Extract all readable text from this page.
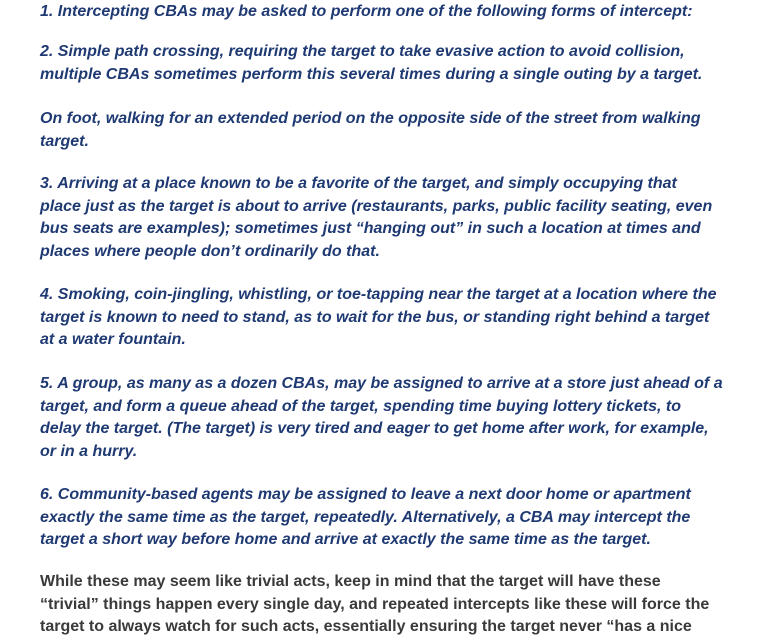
1. Intercepting CBAs may be asked to perform one of the following forms of intercept:

2. Simple path crossing, requiring the target to take evasive action to avoid collision,
multiple CBAs sometimes perform this several times during a single outing by a target.

On foot, walking for an extended period on the opposite side of the street from walking
target.

3. Arriving at a place known to be a favorite of the target, and simply occupying that
place just as the target is about to arrive (restaurants, parks, public facility seating, even
bus seats are examples); sometimes just “hanging out” in such a location at times and
places where people don’t ordinarily do that.

4. Smoking, coin-jingling, whistling, or toe-tapping near the target at a location where the
target is known to need to stand, as to wait for the bus, or standing right behind a target
at a water fountain.

5. A group, as many as a dozen CBAs, may be assigned to arrive at a store just ahead of a
target, and form a queue ahead of the target, spending time buying lottery tickets, to
delay the target. (The target) is very tired and eager to get home after work, for example,
or in a hurry.

6. Community-based agents may be assigned to leave a next door home or apartment
exactly the same time as the target, repeatedly. Alternatively, a CBA may intercept the
target a short way before home and arrive at exactly the same time as the target.

While these may seem like trivial acts, keep in mind that the target will have these
“trivial” things happen every single day, and repeated intercepts like these will force the
target to always watch for such acts, essentially ensuring the target never “has a nice
